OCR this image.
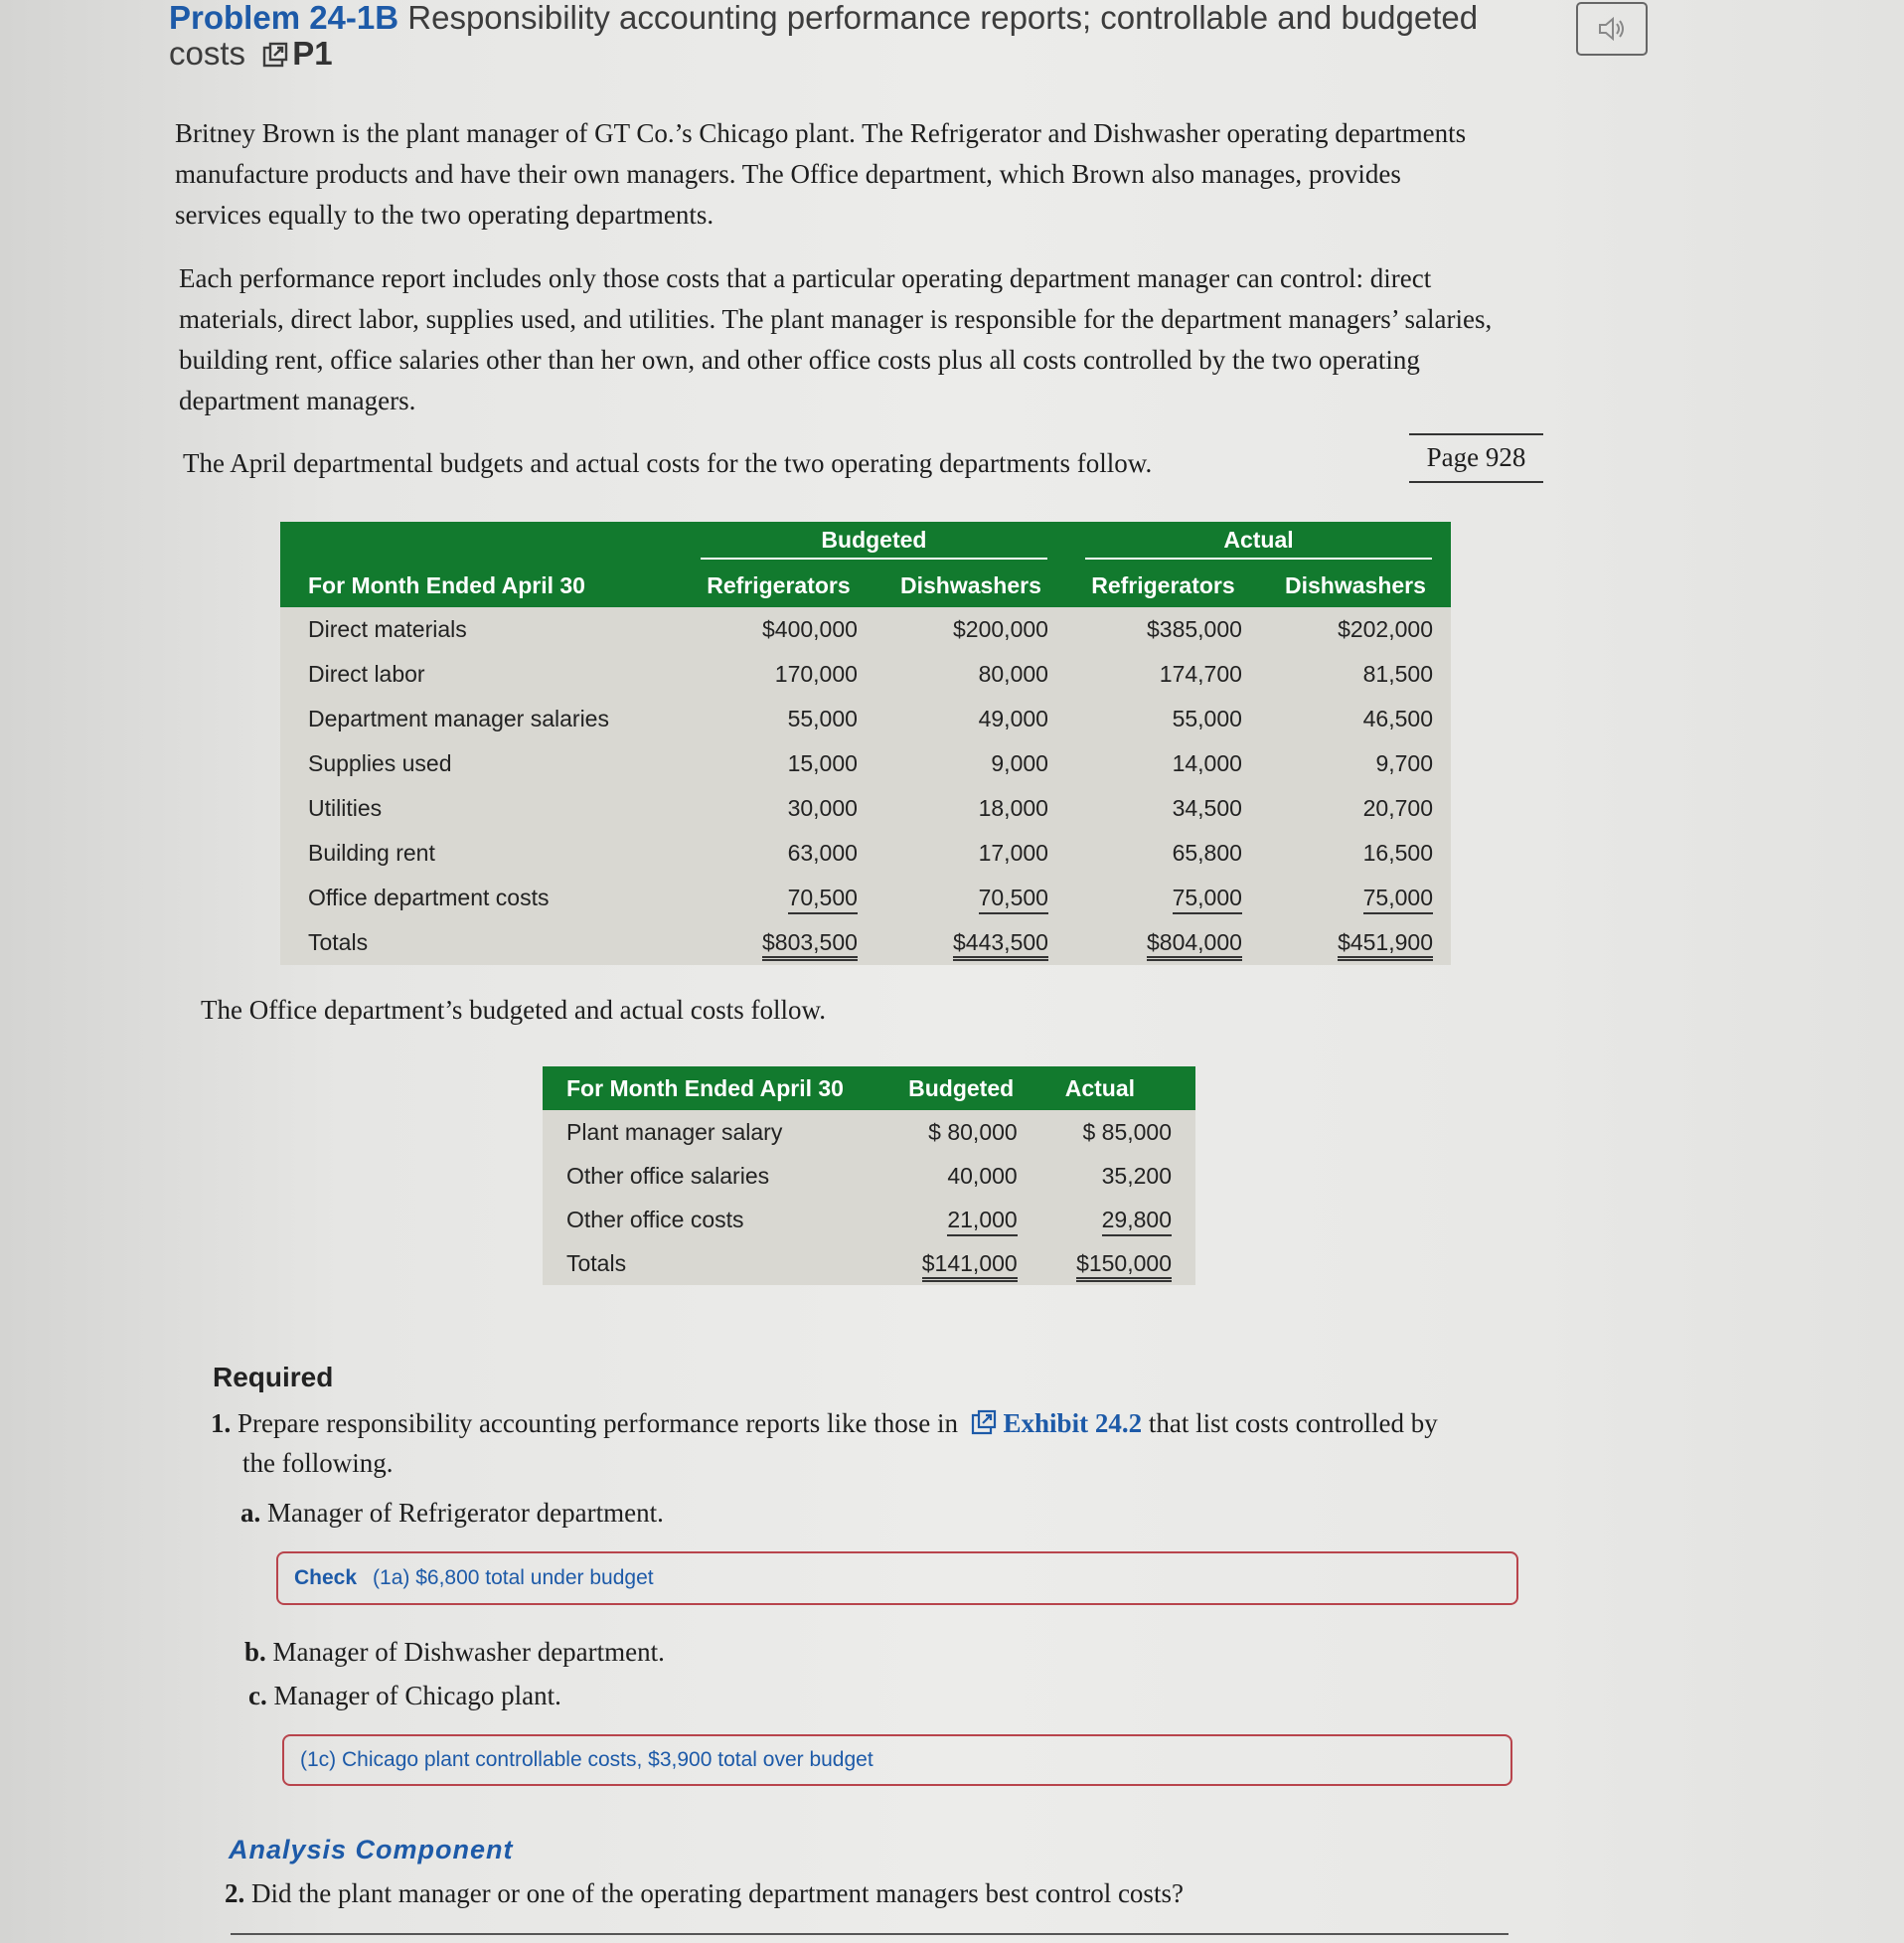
Problem 24-1B Responsibility accounting performance reports; controllable and budgeted costs P1
Britney Brown is the plant manager of GT Co.’s Chicago plant. The Refrigerator and Dishwasher operating departments manufacture products and have their own managers. The Office department, which Brown also manages, provides services equally to the two operating departments.
Each performance report includes only those costs that a particular operating department manager can control: direct materials, direct labor, supplies used, and utilities. The plant manager is responsible for the department managers’ salaries, building rent, office salaries other than her own, and other office costs plus all costs controlled by the two operating department managers.
The April departmental budgets and actual costs for the two operating departments follow.	Page 928
	Budgeted		Actual	
For Month Ended April 30	Refrigerators	Dishwashers	Refrigerators	Dishwashers
Direct materials	$400,000	$200,000	$385,000	$202,000
Direct labor	170,000	80,000	174,700	81,500
Department manager salaries	55,000	49,000	55,000	46,500
Supplies used	15,000	9,000	14,000	9,700
Utilities	30,000	18,000	34,500	20,700
Building rent	63,000	17,000	65,800	16,500
Office department costs	70,500	70,500	75,000	75,000
Totals	$803,500	$443,500	$804,000	$451,900
The Office department’s budgeted and actual costs follow.
For Month Ended April 30	Budgeted	Actual
Plant manager salary	$ 80,000	$ 85,000
Other office salaries	40,000	35,200
Other office costs	21,000	29,800
Totals	$141,000	$150,000
Required
1. Prepare responsibility accounting performance reports like those in Exhibit 24.2 that list costs controlled by
the following.
a. Manager of Refrigerator department.
Check (1a) $6,800 total under budget
b. Manager of Dishwasher department.
c. Manager of Chicago plant.
(1c) Chicago plant controllable costs, $3,900 total over budget
Analysis Component
2. Did the plant manager or one of the operating department managers best control costs?
